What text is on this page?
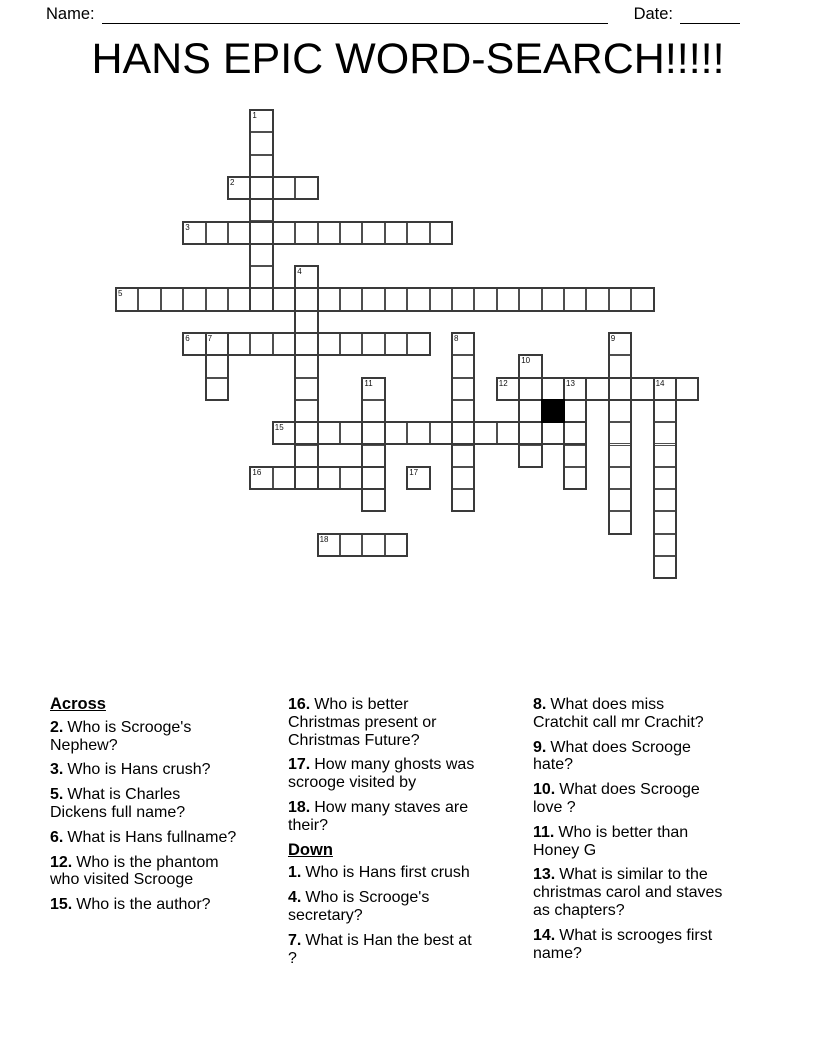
Name:	Date:
HANS EPIC WORD-SEARCH!!!!!
1
2
3
4
5
6 7	8	9
10
11	12	13	14
15
16	17
18

Across

2. Who is Scrooge's Nephew?

3. Who is Hans crush?

5. What is Charles Dickens full name?

6. What is Hans fullname?

12. Who is the phantom who visited Scrooge

15. Who is the author?

16. Who is better Christmas present or Christmas Future?

17. How many ghosts was scrooge visited by

18. How many staves are their?

Down

1. Who is Hans first crush

4. Who is Scrooge's secretary?

7. What is Han the best at ?

8. What does miss Cratchit call mr Crachit?

9. What does Scrooge hate?

10. What does Scrooge love ?

11. Who is better than Honey G

13. What is similar to the christmas carol and staves as chapters?

14. What is scrooges first name?
